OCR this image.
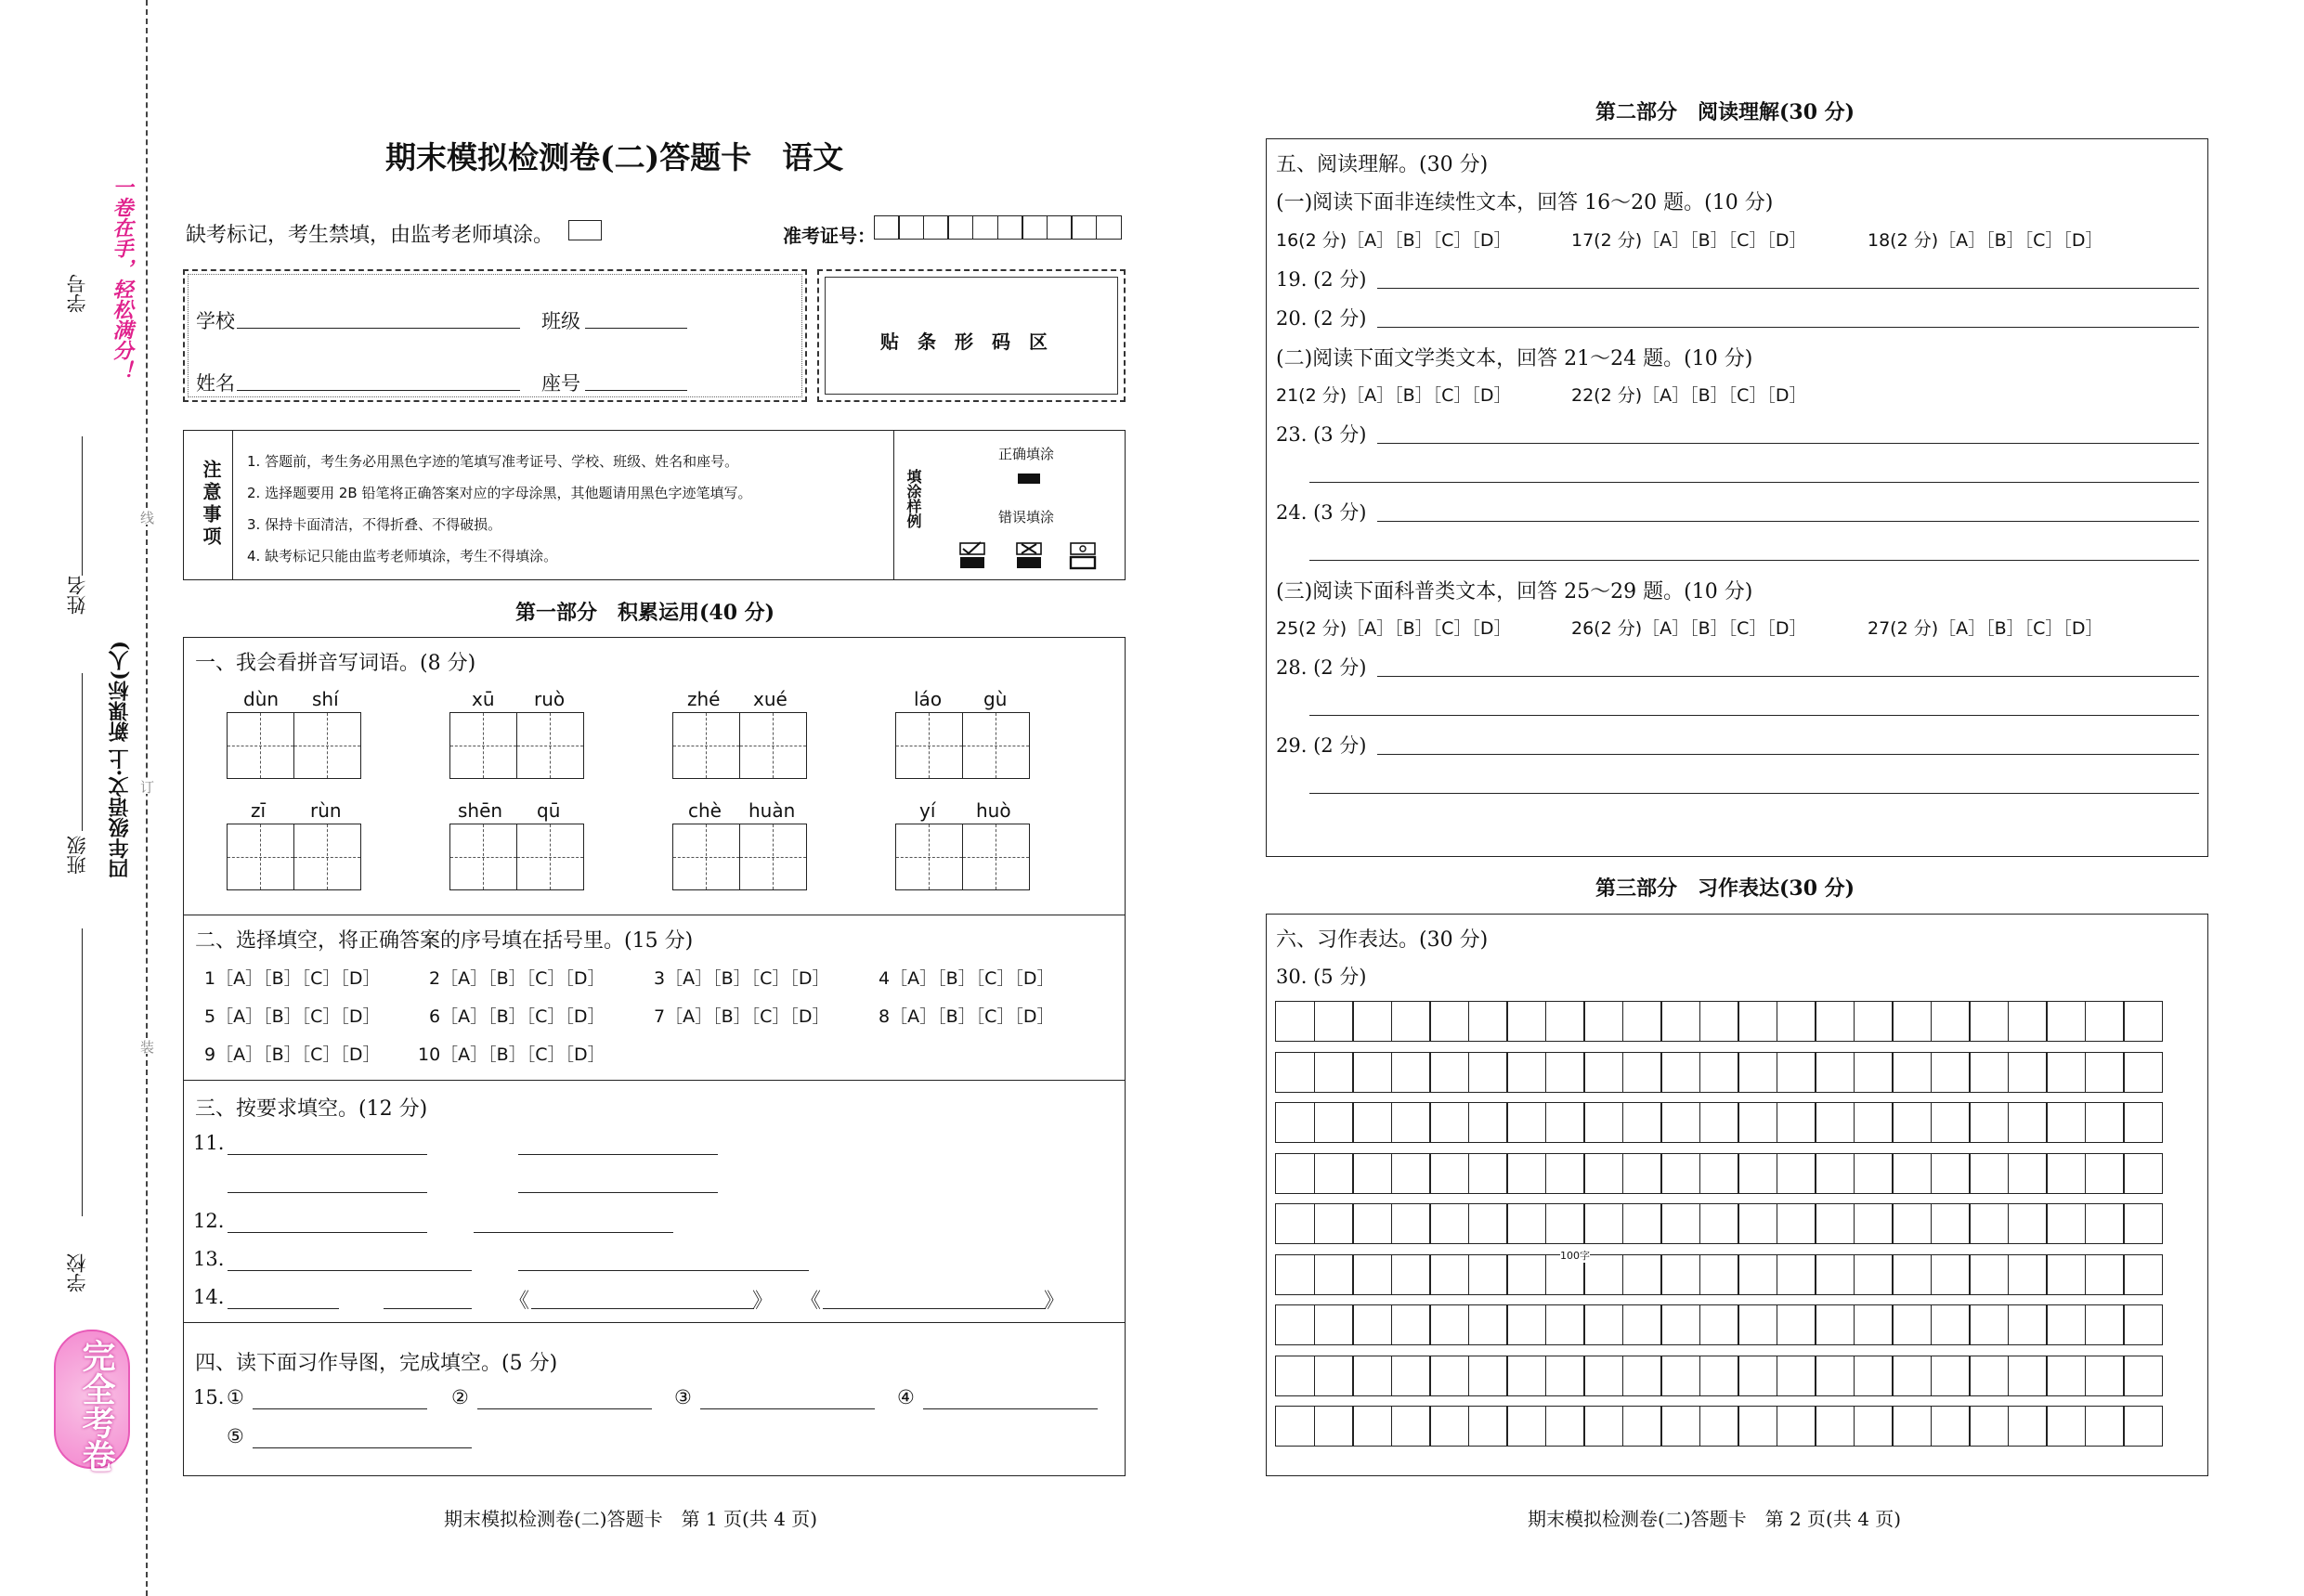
学号
姓名
班级
学校
四年级语文·上 新课标(人)
一卷在手，轻松满分！
线
订
装
完全考卷
期末模拟检测卷(二)答题卡　语文
缺考标记，考生禁填，由监考老师填涂。	准考证号：
学校	班级
姓名	座号
贴　条　形　码　区
注意事项 1. 答题前，考生务必用黑色字迹的笔填写准考证号、学校、班级、姓名和座号。
2. 选择题要用 2B 铅笔将正确答案对应的字母涂黑，其他题请用黑色字迹笔填写。
3. 保持卡面清洁，不得折叠、不得破损。
4. 缺考标记只能由监考老师填涂，考生不得填涂。
填涂样例
正确填涂
错误填涂
第一部分　积累运用(40 分)
一、我会看拼音写词语。(8 分)
dùn shí	xū ruò	zhé xué	láo gù
zī rùn	shēn qū	chè huàn	yí huò
二、选择填空，将正确答案的序号填在括号里。(15 分)
1［A］［B］［C］［D］	2［A］［B］［C］［D］	3［A］［B］［C］［D］	4［A］［B］［C］［D］
5［A］［B］［C］［D］	6［A］［B］［C］［D］	7［A］［B］［C］［D］	8［A］［B］［C］［D］
9［A］［B］［C］［D］ 10［A］［B］［C］［D］
三、按要求填空。(12 分)
11.
12.
13.
14.	《	》 《	》
四、读下面习作导图，完成填空。(5 分)
15. ①	②	③	④
⑤
期末模拟检测卷(二)答题卡　第 1 页(共 4 页)
第二部分　阅读理解(30 分)
五、阅读理解。(30 分)
(一)阅读下面非连续性文本，回答 16～20 题。(10 分)
16(2 分)［A］［B］［C］［D］	17(2 分)［A］［B］［C］［D］	18(2 分)［A］［B］［C］［D］
19. (2 分)
20. (2 分)
(二)阅读下面文学类文本，回答 21～24 题。(10 分)
21(2 分)［A］［B］［C］［D］	22(2 分)［A］［B］［C］［D］
23. (3 分)
24. (3 分)
(三)阅读下面科普类文本，回答 25～29 题。(10 分)
25(2 分)［A］［B］［C］［D］	26(2 分)［A］［B］［C］［D］	27(2 分)［A］［B］［C］［D］
28. (2 分)
29. (2 分)
第三部分　习作表达(30 分)
六、习作表达。(30 分)
30. (5 分)
100字
期末模拟检测卷(二)答题卡　第 2 页(共 4 页)
